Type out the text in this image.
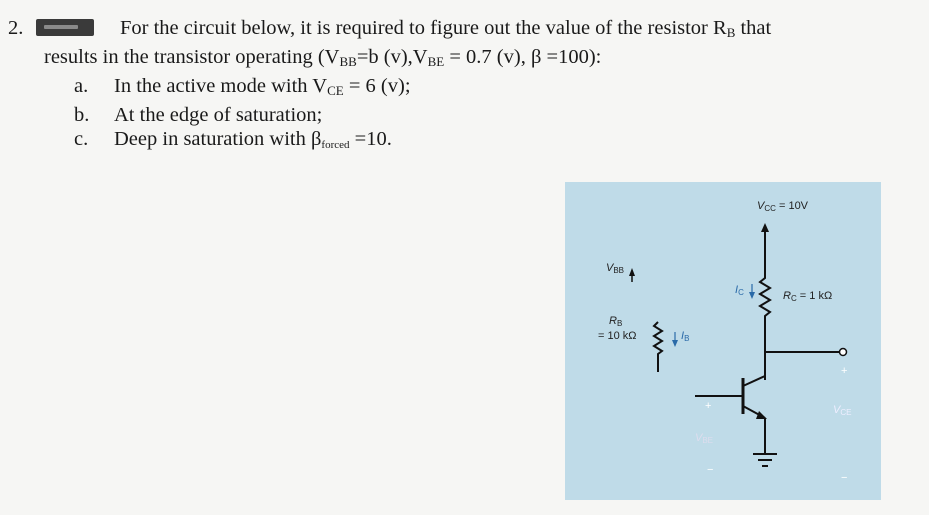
2.	For the circuit below, it is required to figure out the value of the resistor $R_B$ that
results in the transistor operating ($V_{BB}=b$ $(v),V_{BE} = 0.7$ (v), β =100):
a.	In the active mode with $V_{CE} = 6$ (v);
b.	At the edge of saturation;
c.	Deep in saturation with $\beta_{forced} =10$.
$V_{CC} = 10V$
$V_{BB}$
$R_B$
= 10 kΩ	$I_B$
$I_C$	$R_C = 1$ kΩ
+
$V_{BE}$
−
+
$V_{CE}$
−
